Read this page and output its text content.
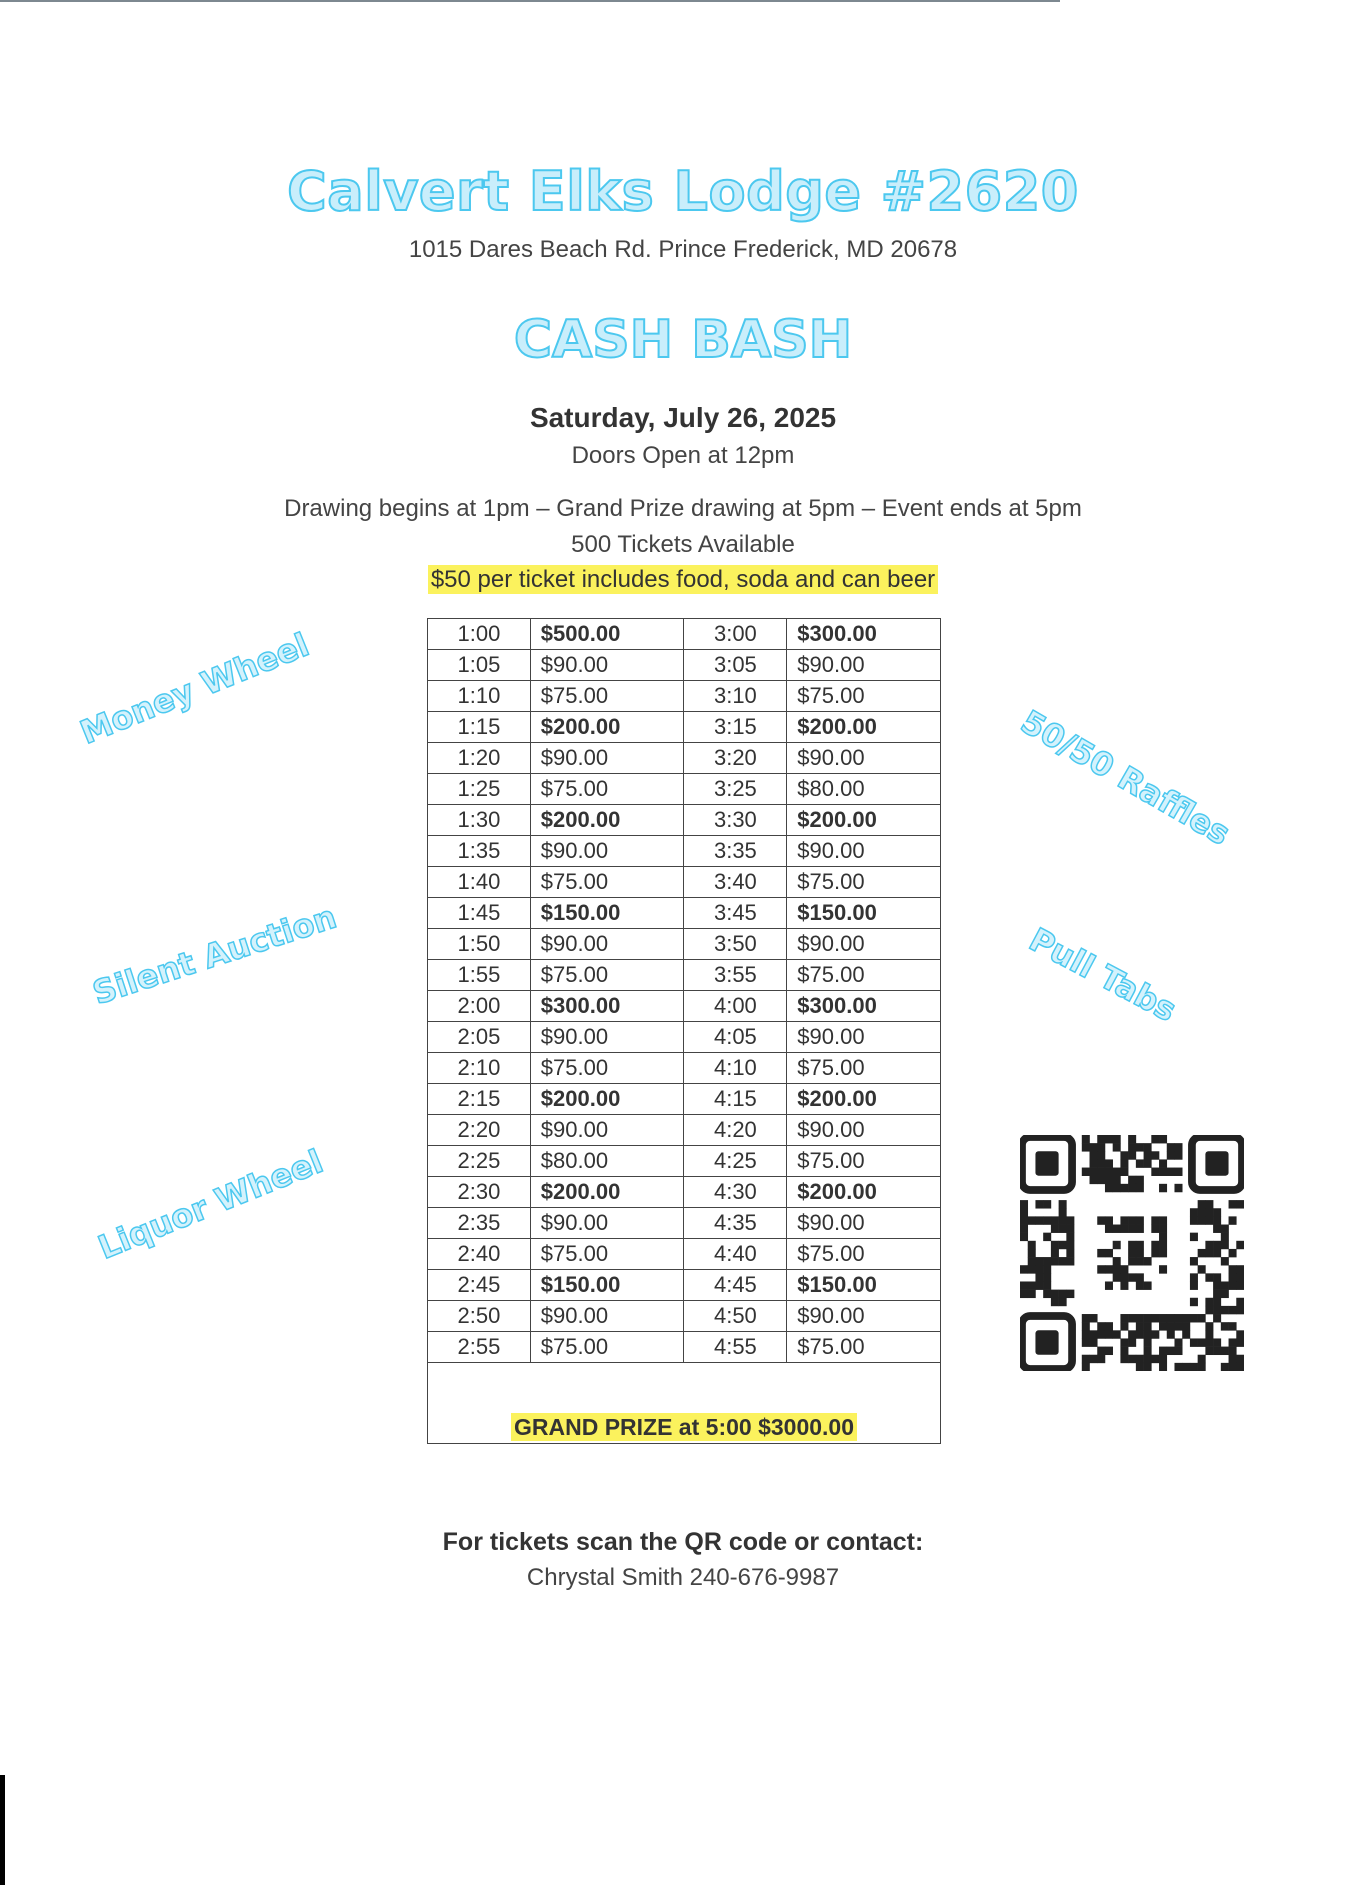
Calvert Elks Lodge #2620
1015 Dares Beach Rd. Prince Frederick, MD 20678
CASH BASH
Saturday, July 26, 2025
Doors Open at 12pm
Drawing begins at 1pm – Grand Prize drawing at 5pm – Event ends at 5pm
500 Tickets Available
$50 per ticket includes food, soda and can beer
Money Wheel
Silent Auction
Liquor Wheel
50/50 Raffles
Pull Tabs
1:00	$500.00	3:00	$300.00
1:05	$90.00	3:05	$90.00
1:10	$75.00	3:10	$75.00
1:15	$200.00	3:15	$200.00
1:20	$90.00	3:20	$90.00
1:25	$75.00	3:25	$80.00
1:30	$200.00	3:30	$200.00
1:35	$90.00	3:35	$90.00
1:40	$75.00	3:40	$75.00
1:45	$150.00	3:45	$150.00
1:50	$90.00	3:50	$90.00
1:55	$75.00	3:55	$75.00
2:00	$300.00	4:00	$300.00
2:05	$90.00	4:05	$90.00
2:10	$75.00	4:10	$75.00
2:15	$200.00	4:15	$200.00
2:20	$90.00	4:20	$90.00
2:25	$80.00	4:25	$75.00
2:30	$200.00	4:30	$200.00
2:35	$90.00	4:35	$90.00
2:40	$75.00	4:40	$75.00
2:45	$150.00	4:45	$150.00
2:50	$90.00	4:50	$90.00
2:55	$75.00	4:55	$75.00

GRAND PRIZE at 5:00 $3000.00			
For tickets scan the QR code or contact:
Chrystal Smith 240-676-9987
